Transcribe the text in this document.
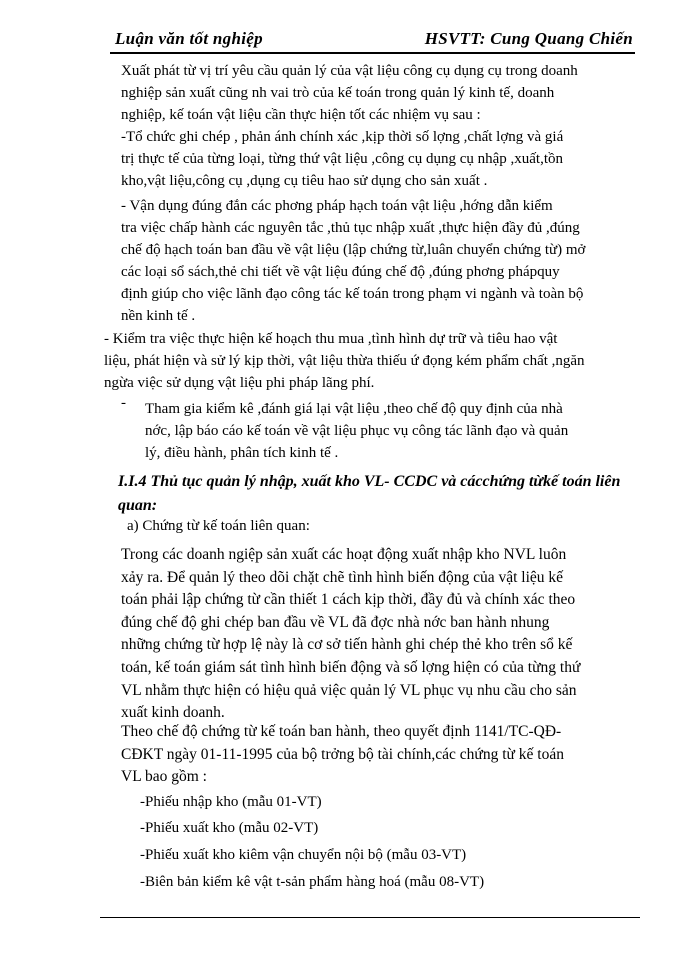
Luận văn tốt nghiệp	HSVTT: Cung Quang Chiến
Xuất phát từ vị trí yêu cầu quản lý của vật liệu công cụ dụng cụ trong doanh
nghiệp sản xuất cũng nh vai trò của kế toán trong quản lý kinh tế, doanh
nghiệp, kế toán vật liệu cần thực hiện tốt các nhiệm vụ sau :
-Tổ chức ghi chép , phản ánh chính xác ,kịp thời số lợng ,chất lợng và giá
trị thực tế của từng loại, từng thứ vật liệu ,công cụ dụng cụ nhập ,xuất,tồn
kho,vật liệu,công cụ ,dụng cụ tiêu hao sử dụng cho sản xuất .
- Vận dụng đúng đắn các phơng pháp hạch toán vật liệu ,hớng dẫn kiểm
tra việc chấp hành các nguyên tắc ,thủ tục nhập xuất ,thực hiện đầy đủ ,đúng
chế độ hạch toán ban đầu về vật liệu (lập chứng từ,luân chuyển chứng từ) mở
các loại sổ sách,thẻ chi tiết về vật liệu đúng chế độ ,đúng phơng phápquy
định giúp cho việc lãnh đạo công tác kế toán trong phạm vi ngành và toàn bộ
nền kinh tế .
- Kiểm tra việc thực hiện kế hoạch thu mua ,tình hình dự trữ và tiêu hao vật
liệu, phát hiện và sử lý kịp thời, vật liệu thừa thiếu ứ đọng kém phẩm chất ,ngăn
ngừa việc sử dụng vật liệu phi pháp lãng phí.
- Tham gia kiểm kê ,đánh giá lại vật liệu ,theo chế độ quy định của nhà
nớc, lập báo cáo kế toán về vật liệu phục vụ công tác lãnh đạo và quản
lý, điều hành, phân tích kinh tế .

I.I.4 Thủ tục quản lý nhập, xuất kho VL- CCDC và cácchứng từkế toán liên quan:

a) Chứng từ kế toán liên quan:
Trong các doanh ngiệp sản xuất các hoạt động xuất nhập kho NVL luôn
xảy ra. Để quản lý theo dõi chặt chẽ tình hình biến động của vật liệu kế
toán phải lập chứng từ cần thiết 1 cách kịp thời, đầy đủ và chính xác theo
đúng chế độ ghi chép ban đầu về VL đã đợc nhà nớc ban hành nhung
những chứng từ hợp lệ này là cơ sở tiến hành ghi chép thẻ kho trên sổ kế
toán, kế toán giám sát tình hình biến động và số lợng hiện có của từng thứ
VL nhằm thực hiện có hiệu quả việc quản lý VL phục vụ nhu cầu cho sản
xuất kinh doanh.
Theo chế độ chứng từ kế toán ban hành, theo quyết định 1141/TC-QĐ-
CĐKT ngày 01-11-1995 của bộ trởng bộ tài chính,các chứng từ kế toán
VL bao gồm :
-Phiếu nhập kho (mẫu 01-VT)
-Phiếu xuất kho (mẫu 02-VT)
-Phiếu xuất kho kiêm vận chuyển nội bộ (mẫu 03-VT)
-Biên bản kiểm kê vật t-sản phẩm hàng hoá (mẫu 08-VT)
